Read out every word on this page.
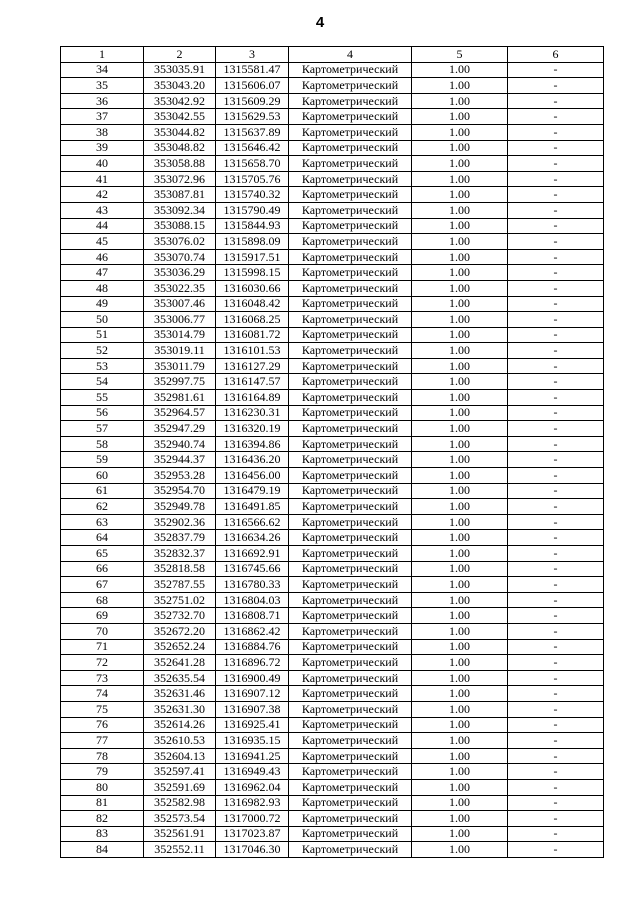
4
1	2	3	4	5	6
34	353035.91	1315581.47	Картометрический	1.00	-
35	353043.20	1315606.07	Картометрический	1.00	-
36	353042.92	1315609.29	Картометрический	1.00	-
37	353042.55	1315629.53	Картометрический	1.00	-
38	353044.82	1315637.89	Картометрический	1.00	-
39	353048.82	1315646.42	Картометрический	1.00	-
40	353058.88	1315658.70	Картометрический	1.00	-
41	353072.96	1315705.76	Картометрический	1.00	-
42	353087.81	1315740.32	Картометрический	1.00	-
43	353092.34	1315790.49	Картометрический	1.00	-
44	353088.15	1315844.93	Картометрический	1.00	-
45	353076.02	1315898.09	Картометрический	1.00	-
46	353070.74	1315917.51	Картометрический	1.00	-
47	353036.29	1315998.15	Картометрический	1.00	-
48	353022.35	1316030.66	Картометрический	1.00	-
49	353007.46	1316048.42	Картометрический	1.00	-
50	353006.77	1316068.25	Картометрический	1.00	-
51	353014.79	1316081.72	Картометрический	1.00	-
52	353019.11	1316101.53	Картометрический	1.00	-
53	353011.79	1316127.29	Картометрический	1.00	-
54	352997.75	1316147.57	Картометрический	1.00	-
55	352981.61	1316164.89	Картометрический	1.00	-
56	352964.57	1316230.31	Картометрический	1.00	-
57	352947.29	1316320.19	Картометрический	1.00	-
58	352940.74	1316394.86	Картометрический	1.00	-
59	352944.37	1316436.20	Картометрический	1.00	-
60	352953.28	1316456.00	Картометрический	1.00	-
61	352954.70	1316479.19	Картометрический	1.00	-
62	352949.78	1316491.85	Картометрический	1.00	-
63	352902.36	1316566.62	Картометрический	1.00	-
64	352837.79	1316634.26	Картометрический	1.00	-
65	352832.37	1316692.91	Картометрический	1.00	-
66	352818.58	1316745.66	Картометрический	1.00	-
67	352787.55	1316780.33	Картометрический	1.00	-
68	352751.02	1316804.03	Картометрический	1.00	-
69	352732.70	1316808.71	Картометрический	1.00	-
70	352672.20	1316862.42	Картометрический	1.00	-
71	352652.24	1316884.76	Картометрический	1.00	-
72	352641.28	1316896.72	Картометрический	1.00	-
73	352635.54	1316900.49	Картометрический	1.00	-
74	352631.46	1316907.12	Картометрический	1.00	-
75	352631.30	1316907.38	Картометрический	1.00	-
76	352614.26	1316925.41	Картометрический	1.00	-
77	352610.53	1316935.15	Картометрический	1.00	-
78	352604.13	1316941.25	Картометрический	1.00	-
79	352597.41	1316949.43	Картометрический	1.00	-
80	352591.69	1316962.04	Картометрический	1.00	-
81	352582.98	1316982.93	Картометрический	1.00	-
82	352573.54	1317000.72	Картометрический	1.00	-
83	352561.91	1317023.87	Картометрический	1.00	-
84	352552.11	1317046.30	Картометрический	1.00	-
